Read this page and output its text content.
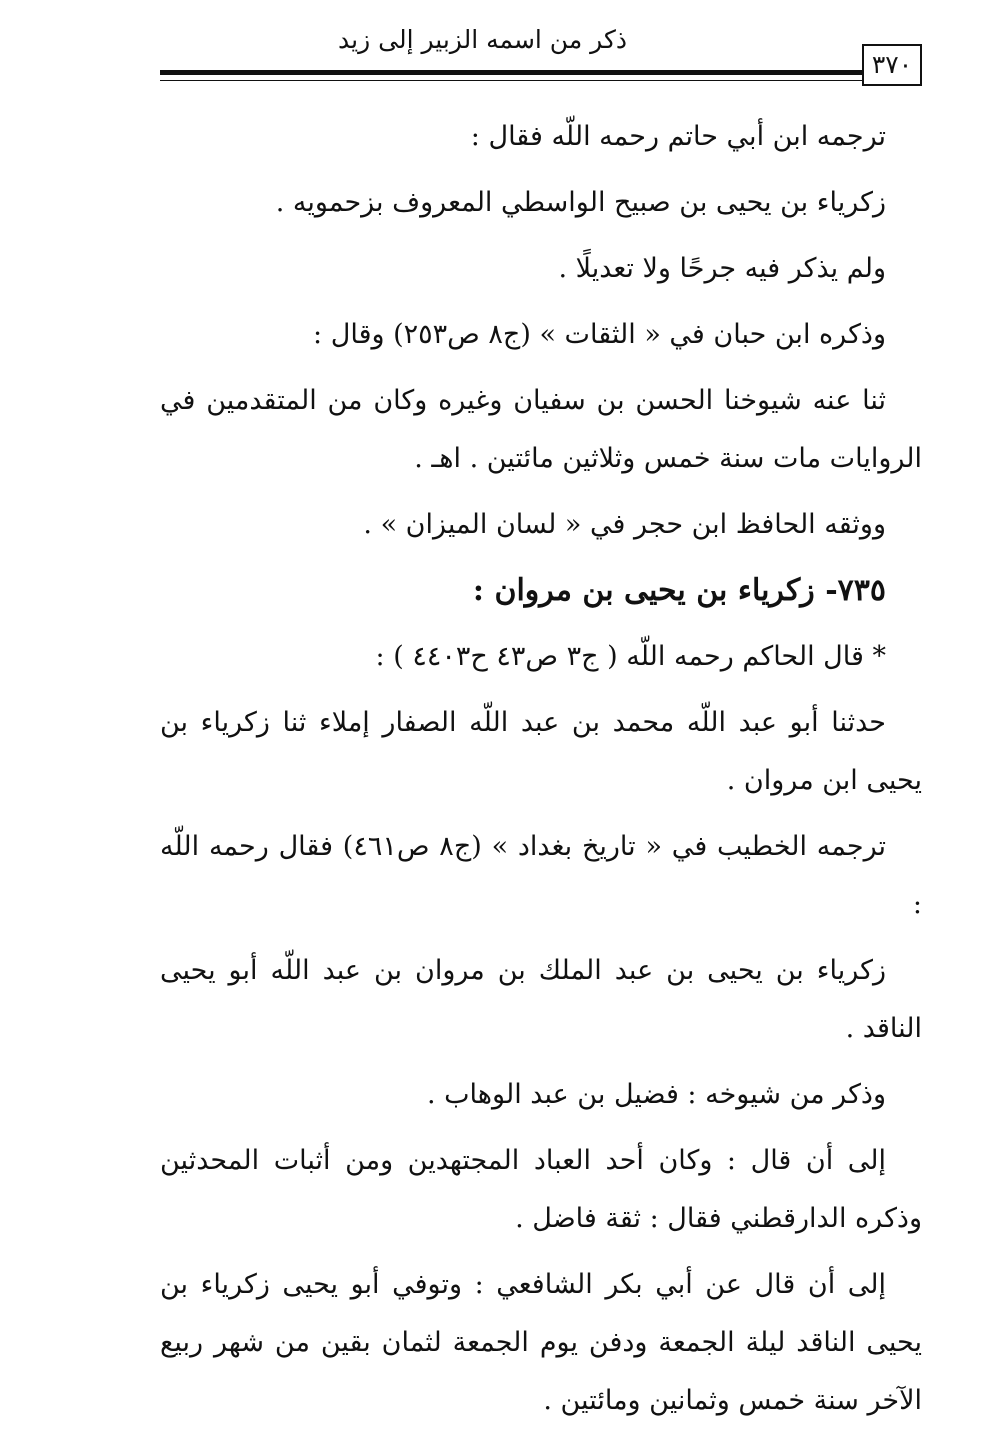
ذكر من اسمه الزبير إلى زيد
٣٧٠

ترجمه ابن أبي حاتم رحمه اللّه فقال :

زكرياء بن يحيى بن صبيح الواسطي المعروف بزحمويه .

ولم يذكر فيه جرحًا ولا تعديلًا .

وذكره ابن حبان في « الثقات » (ج٨ ص٢٥٣) وقال :

ثنا عنه شيوخنا الحسن بن سفيان وغيره وكان من المتقدمين في الروايات مات سنة خمس وثلاثين مائتين . اهـ .

ووثقه الحافظ ابن حجر في « لسان الميزان » .

٧٣٥- زكرياء بن يحيى بن مروان :

* قال الحاكم رحمه اللّه ( ج٣ ص٤٣ ح٤٤٠٣ ) :

حدثنا أبو عبد اللّه محمد بن عبد اللّه الصفار إملاء ثنا زكرياء بن يحيى ابن مروان .

ترجمه الخطيب في « تاريخ بغداد » (ج٨ ص٤٦١) فقال رحمه اللّه :

زكرياء بن يحيى بن عبد الملك بن مروان بن عبد اللّه أبو يحيى الناقد .

وذكر من شيوخه : فضيل بن عبد الوهاب .

إلى أن قال : وكان أحد العباد المجتهدين ومن أثبات المحدثين وذكره الدارقطني فقال : ثقة فاضل .

إلى أن قال عن أبي بكر الشافعي : وتوفي أبو يحيى زكرياء بن يحيى الناقد ليلة الجمعة ودفن يوم الجمعة لثمان بقين من شهر ربيع الآخر سنة خمس وثمانين ومائتين .
